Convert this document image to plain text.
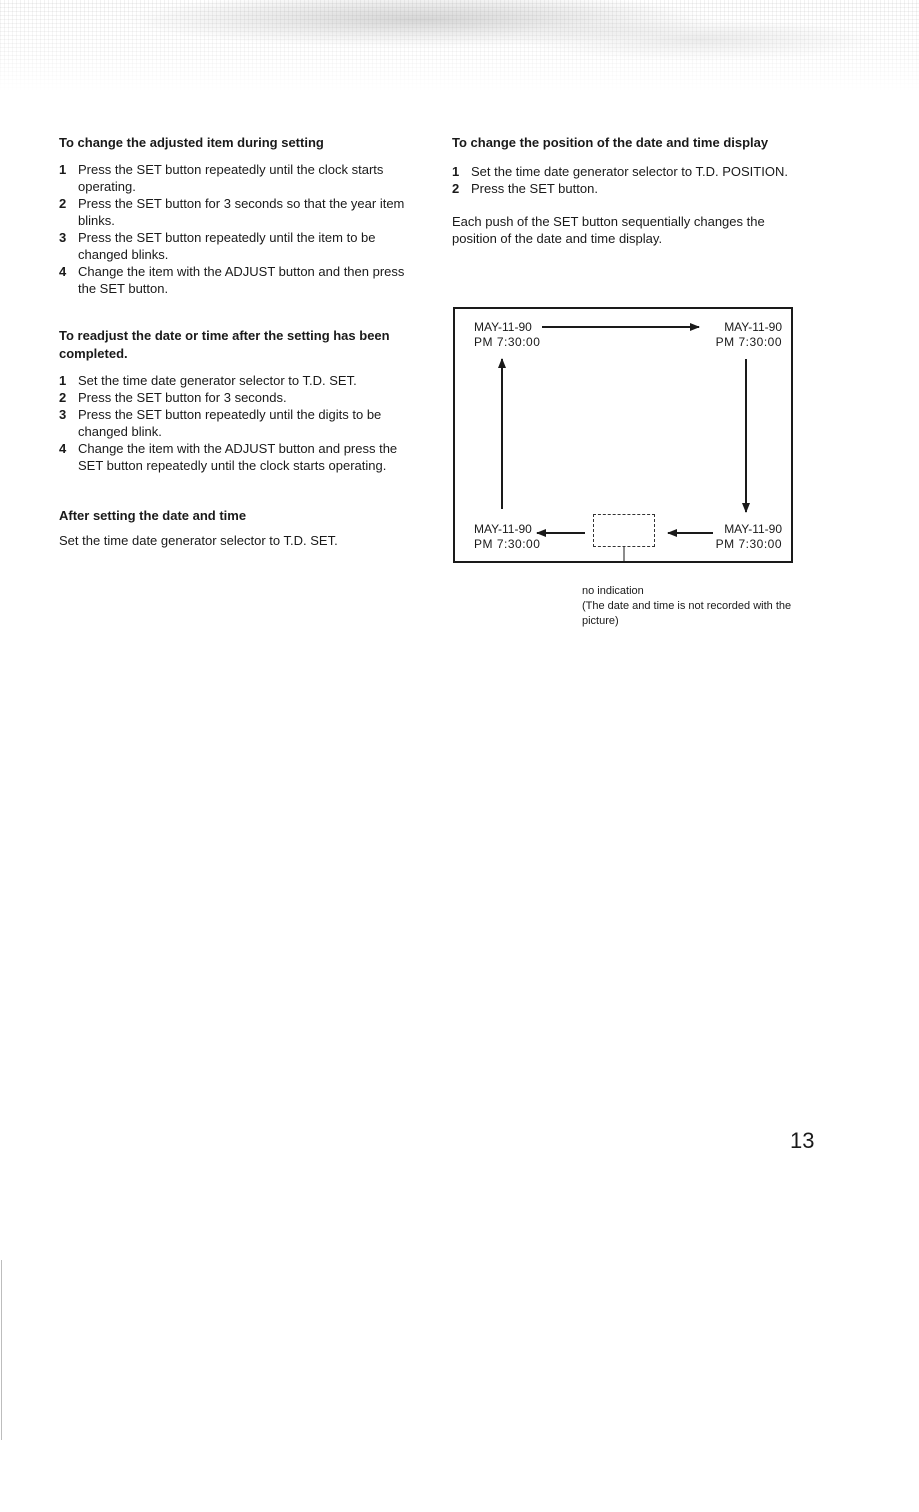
To change the adjusted item during setting
1 Press the SET button repeatedly until the clock starts operating.
2 Press the SET button for 3 seconds so that the year item blinks.
3 Press the SET button repeatedly until the item to be changed blinks.
4 Change the item with the ADJUST button and then press the SET button.
To readjust the date or time after the setting has been completed.
1 Set the time date generator selector to T.D. SET.
2 Press the SET button for 3 seconds.
3 Press the SET button repeatedly until the digits to be changed blink.
4 Change the item with the ADJUST button and press the SET button repeatedly until the clock starts operating.
After setting the date and time

Set the time date generator selector to T.D. SET.

To change the position of the date and time display
1 Set the time date generator selector to T.D. POSITION.
2 Press the SET button.

Each push of the SET button sequentially changes the position of the date and time display.

MAY-11-90
PM 7:30:00
MAY-11-90
PM 7:30:00
MAY-11-90
PM 7:30:00
MAY-11-90
PM 7:30:00
no indication
(The date and time is not recorded with the picture)
13
